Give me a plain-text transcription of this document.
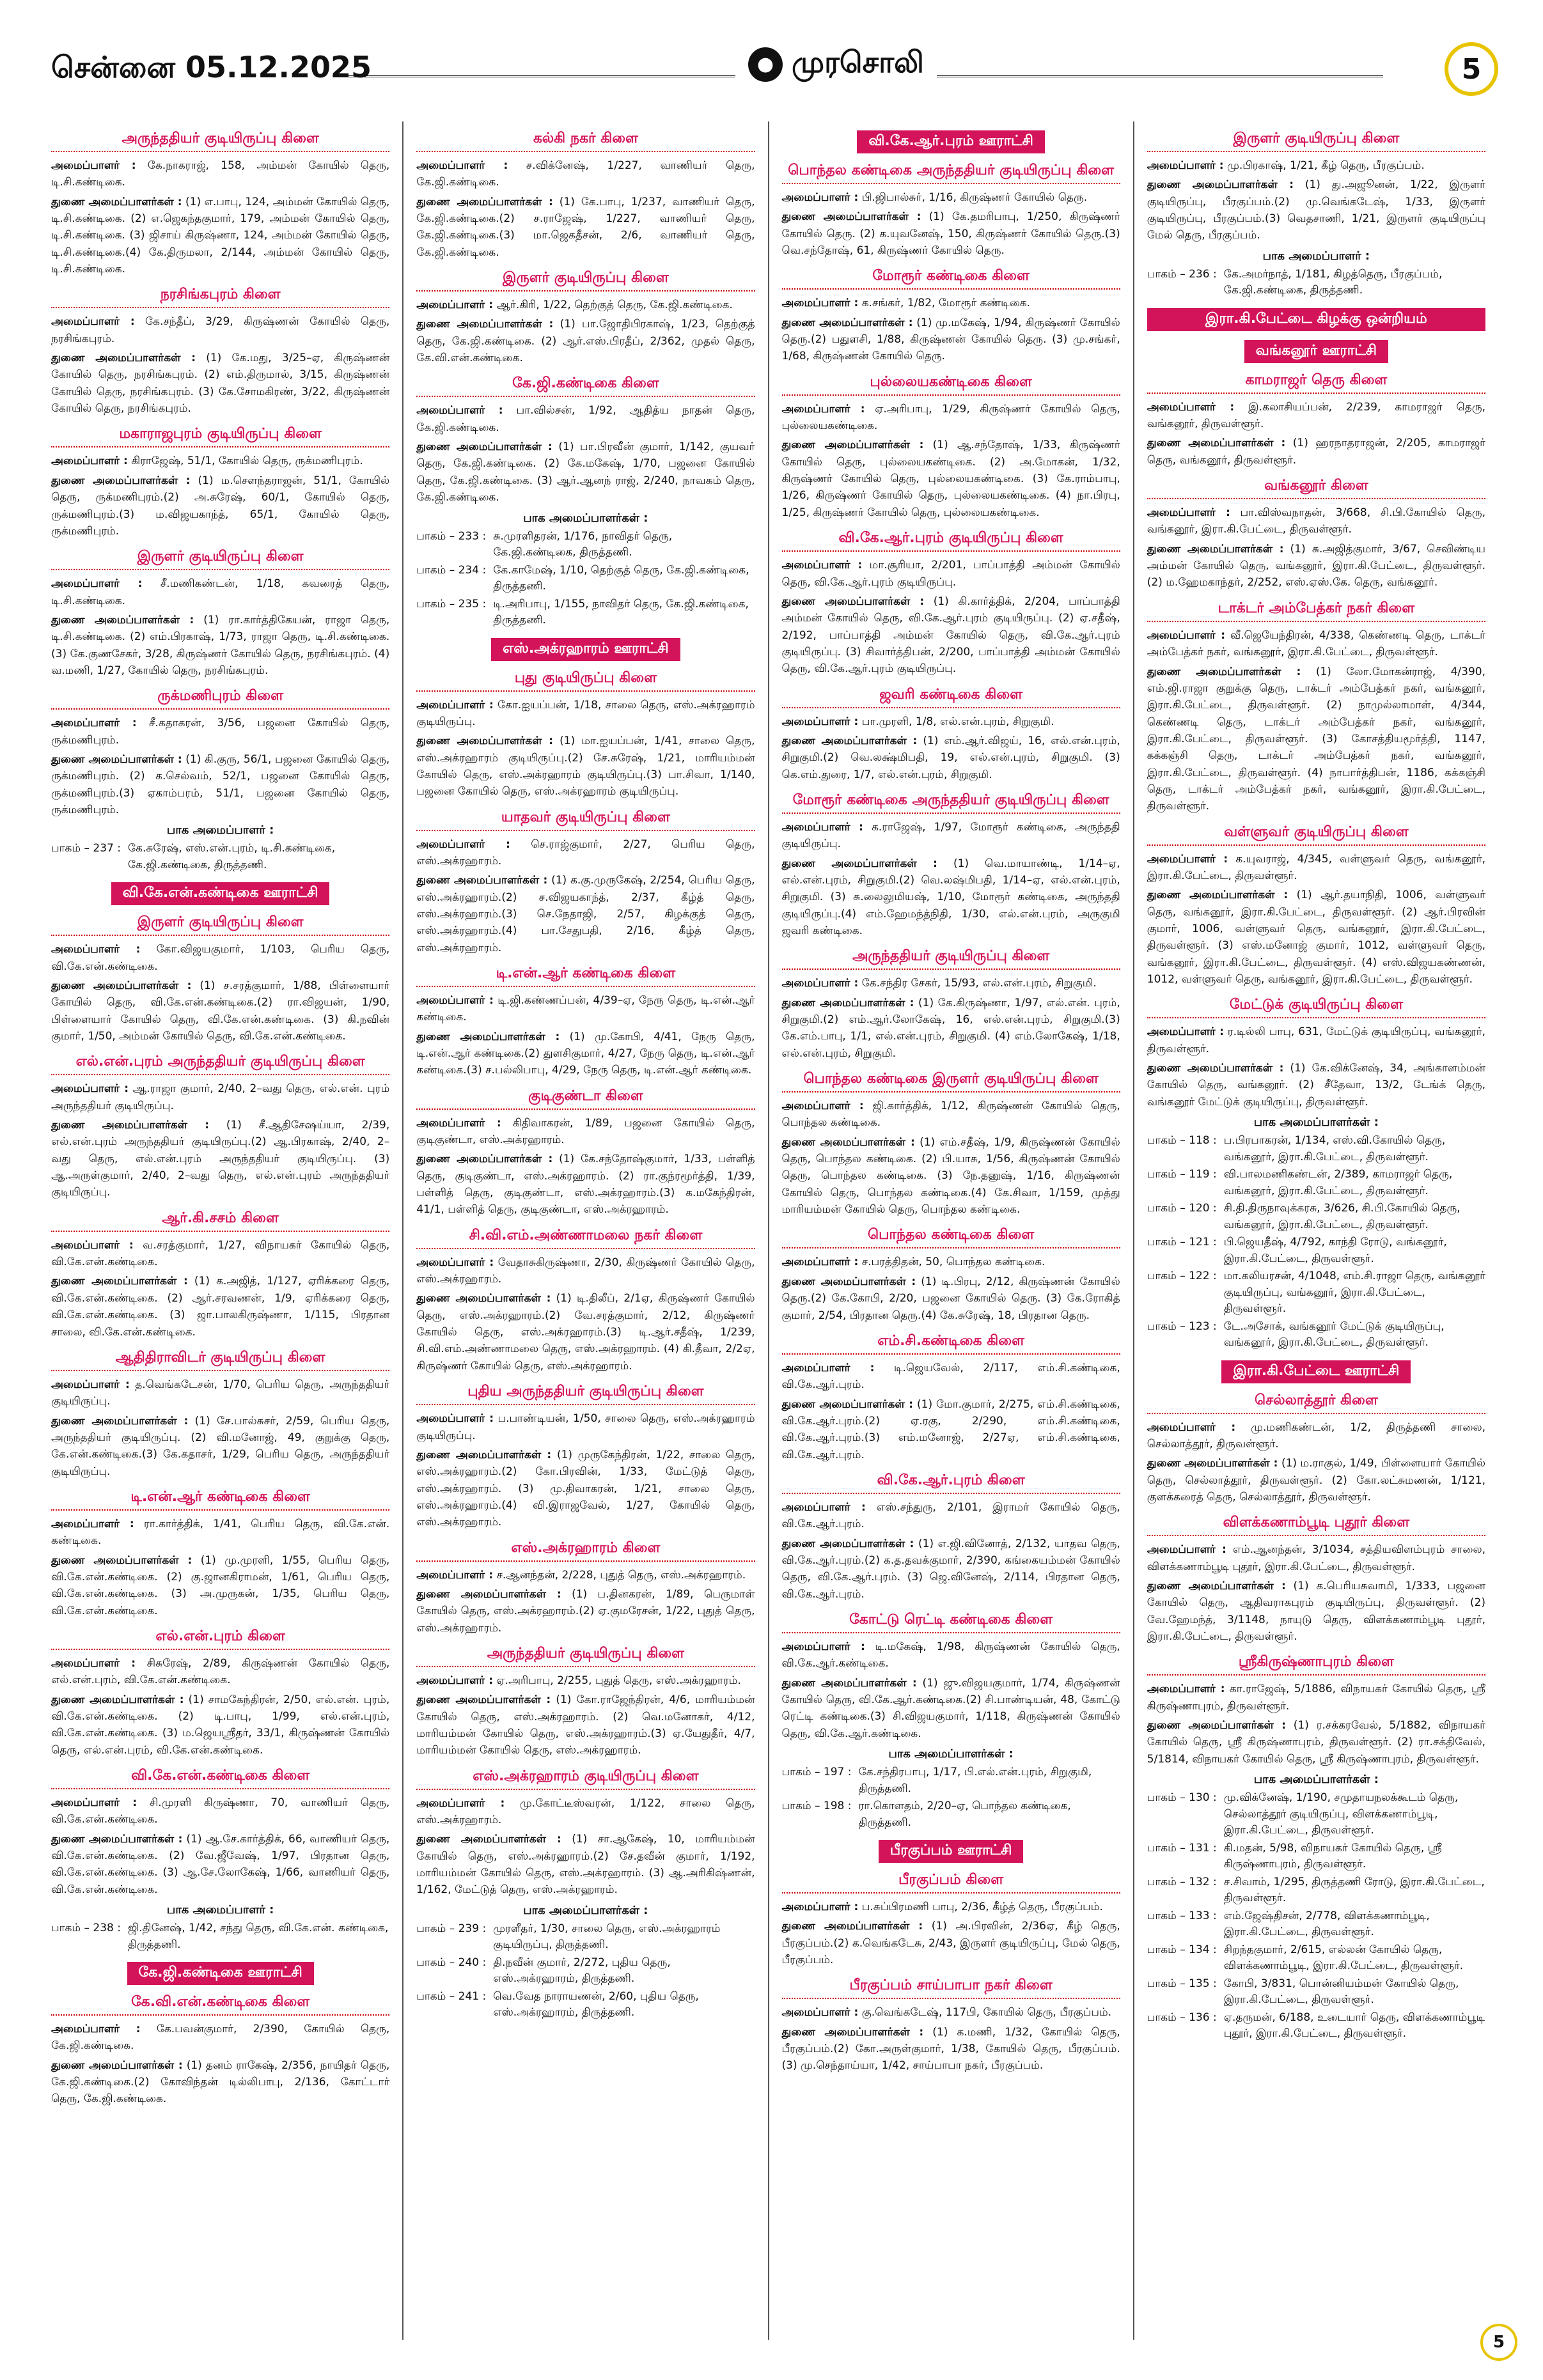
சென்னை 05.12.2025	● முரசொலி	5
அருந்ததியர் குடியிருப்பு கிளை
அமைப்பாளர் : கே.நாகராஜ், 158, அம்மன் கோயில் தெரு, டி.சி.கண்டிகை.
துணை அமைப்பாளர்கள் : (1) எ.பாபு, 124, அம்மன் கோயில் தெரு, டி.சி.கண்டிகை. (2) எ.ஜெகந்தகுமார், 179, அம்மன் கோயில் தெரு, டி.சி.கண்டிகை. (3) ஜிசாய் கிருஷ்ணா, 124, அம்மன் கோயில் தெரு, டி.சி.கண்டிகை.(4) கே.திருமலா, 2/144, அம்மன் கோயில் தெரு, டி.சி.கண்டிகை.
நரசிங்கபுரம் கிளை
அமைப்பாளர் : கே.சந்தீப், 3/29, கிருஷ்ணன் கோயில் தெரு, நரசிங்கபுரம்.
துணை அமைப்பாளர்கள் : (1) கே.மது, 3/25–ஏ, கிருஷ்ணன் கோயில் தெரு, நரசிங்கபுரம். (2) எம்.திருமால், 3/15, கிருஷ்ணன் கோயில் தெரு, நரசிங்கபுரம். (3) கே.சோமகிரண், 3/22, கிருஷ்ணன் கோயில் தெரு, நரசிங்கபுரம்.
மகாராஜபுரம் குடியிருப்பு கிளை
அமைப்பாளர் : கிராஜேஷ், 51/1, கோயில் தெரு, ருக்மணிபுரம்.
துணை அமைப்பாளர்கள் : (1) ம.சௌந்தராஜன், 51/1, கோயில் தெரு, ருக்மணிபுரம்.(2) அ.சுரேஷ், 60/1, கோயில் தெரு, ருக்மணிபுரம்.(3) ம.விஜயகாந்த், 65/1, கோயில் தெரு, ருக்மணிபுரம்.
இருளர் குடியிருப்பு கிளை
அமைப்பாளர் : சீ.மணிகண்டன், 1/18, கவரைத் தெரு, டி.சி.கண்டிகை.
துணை அமைப்பாளர்கள் : (1) ரா.கார்த்திகேயன், ராஜா தெரு, டி.சி.கண்டிகை. (2) எம்.பிரகாஷ், 1/73, ராஜா தெரு, டி.சி.கண்டிகை.(3) கே.குணசேகர், 3/28, கிருஷ்ணர் கோயில் தெரு, நரசிங்கபுரம். (4) வ.மணி, 1/27, கோயில் தெரு, நரசிங்கபுரம்.
ருக்மணிபுரம் கிளை
அமைப்பாளர் : சீ.கதாகரன், 3/56, பஜனை கோயில் தெரு, ருக்மணிபுரம்.
துணை அமைப்பாளர்கள் : (1) கி.குரு, 56/1, பஜனை கோயில் தெரு, ருக்மணிபுரம். (2) க.செல்வம், 52/1, பஜனை கோயில் தெரு, ருக்மணிபுரம்.(3) ஏகாம்பரம், 51/1, பஜனை கோயில் தெரு, ருக்மணிபுரம்.
பாக அமைப்பாளர் :
பாகம் – 237 : கே.சுரேஷ், எஸ்.என்.புரம், டி.சி.கண்டிகை, கே.ஜி.கண்டிகை, திருத்தணி.
வி.கே.என்.கண்டிகை ஊராட்சி
இருளர் குடியிருப்பு கிளை
அமைப்பாளர் : கோ.விஜயகுமார், 1/103, பெரிய தெரு, வி.கே.என்.கண்டிகை.
துணை அமைப்பாளர்கள் : (1) ச.சரத்குமார், 1/88, பிள்ளையார் கோயில் தெரு, வி.கே.என்.கண்டிகை.(2) ரா.விஜயன், 1/90, பிள்ளையார் கோயில் தெரு, வி.கே.என்.கண்டிகை. (3) கி.நவின் குமார், 1/50, அம்மன் கோயில் தெரு, வி.கே.என்.கண்டிகை.
எல்.என்.புரம் அருந்ததியர் குடியிருப்பு கிளை
அமைப்பாளர் : ஆ.ராஜா குமார், 2/40, 2–வது தெரு, எல்.என். புரம் அருந்ததியர் குடியிருப்பு.
துணை அமைப்பாளர்கள் : (1) சீ.ஆதிசேஷய்யா, 2/39, எல்.என்.புரம் அருந்ததியர் குடியிருப்பு.(2) ஆ.பிரகாஷ், 2/40, 2–வது தெரு, எல்.என்.புரம் அருந்ததியர் குடியிருப்பு. (3) ஆ.அருள்குமார், 2/40, 2–வது தெரு, எல்.என்.புரம் அருந்ததியர் குடியிருப்பு.
ஆர்.கி.சசம் கிளை
அமைப்பாளர் : வ.சரத்குமார், 1/27, விநாயகர் கோயில் தெரு, வி.கே.என்.கண்டிகை.
துணை அமைப்பாளர்கள் : (1) க.அஜித், 1/127, ஏரிக்கரை தெரு, வி.கே.என்.கண்டிகை. (2) ஆர்.சரவணன், 1/9, ஏரிக்கரை தெரு, வி.கே.என்.கண்டிகை. (3) ஜா.பாலகிருஷ்ணா, 1/115, பிரதான சாலை, வி.கே.என்.கண்டிகை.
ஆதிதிராவிடர் குடியிருப்பு கிளை
அமைப்பாளர் : த.வெங்கடேசன், 1/70, பெரிய தெரு, அருந்ததியர் குடியிருப்பு.
துணை அமைப்பாளர்கள் : (1) சே.பால்சுசர், 2/59, பெரிய தெரு, அருந்ததியர் குடியிருப்பு. (2) வி.மனோஜ், 49, குறுக்கு தெரு, கே.என்.கண்டிகை.(3) கே.கதாசர், 1/29, பெரிய தெரு, அருந்ததியர் குடியிருப்பு.
டி.என்.ஆர் கண்டிகை கிளை
அமைப்பாளர் : ரா.கார்த்திக், 1/41, பெரிய தெரு, வி.கே.என். கண்டிகை.
துணை அமைப்பாளர்கள் : (1) மு.முரளி, 1/55, பெரிய தெரு, வி.கே.என்.கண்டிகை. (2) கு.ஜானகிராமன், 1/61, பெரிய தெரு, வி.கே.என்.கண்டிகை. (3) அ.முருகன், 1/35, பெரிய தெரு, வி.கே.என்.கண்டிகை.
எல்.என்.புரம் கிளை
அமைப்பாளர் : சிசுரேஷ், 2/89, கிருஷ்ணன் கோயில் தெரு, எல்.என்.புரம், வி.கே.என்.கண்டிகை.
துணை அமைப்பாளர்கள் : (1) சாமகேந்திரன், 2/50, எல்.என். புரம், வி.கே.என்.கண்டிகை. (2) டி.பாபு, 1/99, எல்.என்.புரம், வி.கே.என்.கண்டிகை. (3) ம.ஜெயஸ்ரீதர், 33/1, கிருஷ்ணன் கோயில் தெரு, எல்.என்.புரம், வி.கே.என்.கண்டிகை.
வி.கே.என்.கண்டிகை கிளை
அமைப்பாளர் : சி.முரளி கிருஷ்ணா, 70, வாணியர் தெரு, வி.கே.என்.கண்டிகை.
துணை அமைப்பாளர்கள் : (1) ஆ.சே.கார்த்திக், 66, வாணியர் தெரு, வி.கே.என்.கண்டிகை. (2) வே.ஜீவேஷ், 1/97, பிரதான தெரு, வி.கே.என்.கண்டிகை. (3) ஆ.சே.லோகேஷ், 1/66, வாணியர் தெரு, வி.கே.என்.கண்டிகை.
பாக அமைப்பாளர் :
பாகம் – 238 : ஜி.தினேஷ், 1/42, சந்து தெரு, வி.கே.என். கண்டிகை, திருத்தணி.
கே.ஜி.கண்டிகை ஊராட்சி
கே.வி.என்.கண்டிகை கிளை
அமைப்பாளர் : கே.பவன்குமார், 2/390, கோயில் தெரு, கே.ஜி.கண்டிகை.
துணை அமைப்பாளர்கள் : (1) தனம் ராகேஷ், 2/356, நாயிதர் தெரு, கே.ஜி.கண்டிகை.(2) கோவிந்தன் டில்லிபாபு, 2/136, கோட்டார் தெரு, கே.ஜி.கண்டிகை.
கல்கி நகர் கிளை
அமைப்பாளர் : ச.விக்னேஷ், 1/227, வாணியர் தெரு, கே.ஜி.கண்டிகை.
துணை அமைப்பாளர்கள் : (1) கே.பாபு, 1/237, வாணியர் தெரு, கே.ஜி.கண்டிகை.(2) ச.ராஜேஷ், 1/227, வாணியர் தெரு, கே.ஜி.கண்டிகை.(3) மா.ஜெகதீசன், 2/6, வாணியர் தெரு, கே.ஜி.கண்டிகை.
இருளர் குடியிருப்பு கிளை
அமைப்பாளர் : ஆர்.கிரி, 1/22, தெற்குத் தெரு, கே.ஜி.கண்டிகை.
துணை அமைப்பாளர்கள் : (1) பா.ஜோதிபிரகாஷ், 1/23, தெற்குத் தெரு, கே.ஜி.கண்டிகை. (2) ஆர்.எஸ்.பிரதீப், 2/362, முதல் தெரு, கே.வி.என்.கண்டிகை.
கே.ஜி.கண்டிகை கிளை
அமைப்பாளர் : பா.வில்சன், 1/92, ஆதித்ய நாதன் தெரு, கே.ஜி.கண்டிகை.
துணை அமைப்பாளர்கள் : (1) பா.பிரவீன் குமார், 1/142, குயவர் தெரு, கே.ஜி.கண்டிகை. (2) கே.மகேஷ், 1/70, பஜனை கோயில் தெரு, கே.ஜி.கண்டிகை. (3) ஆர்.ஆனந் ராஜ், 2/240, நாவகம் தெரு, கே.ஜி.கண்டிகை.
பாக அமைப்பாளர்கள் :
பாகம் – 233 : சு.முரளிதரன், 1/176, நாவிதர் தெரு, கே.ஜி.கண்டிகை, திருத்தணி.
பாகம் – 234 : கே.காமேஷ், 1/10, தெற்குத் தெரு, கே.ஜி.கண்டிகை, திருத்தணி.
பாகம் – 235 : டி.அரிபாபு, 1/155, நாவிதர் தெரு, கே.ஜி.கண்டிகை, திருத்தணி.
எஸ்.அக்ரஹாரம் ஊராட்சி
புது குடியிருப்பு கிளை
அமைப்பாளர் : கோ.ஐயப்பன், 1/18, சாலை தெரு, எஸ்.அக்ரஹாரம் குடியிருப்பு.
துணை அமைப்பாளர்கள் : (1) மா.ஐயப்பன், 1/41, சாலை தெரு, எஸ்.அக்ரஹாரம் குடியிருப்பு.(2) சே.சுரேஷ், 1/21, மாரியம்மன் கோயில் தெரு, எஸ்.அக்ரஹாரம் குடியிருப்பு.(3) பா.சிவா, 1/140, பஜனை கோயில் தெரு, எஸ்.அக்ரஹாரம் குடியிருப்பு.
யாதவர் குடியிருப்பு கிளை
அமைப்பாளர் : செ.ராஜ்குமார், 2/27, பெரிய தெரு, எஸ்.அக்ரஹாரம்.
துணை அமைப்பாளர்கள் : (1) க.கு.முருகேஷ், 2/254, பெரிய தெரு, எஸ்.அக்ரஹாரம்.(2) ச.விஜயகாந்த், 2/37, கீழ்த் தெரு, எஸ்.அக்ரஹாரம்.(3) செ.நேதாஜி, 2/57, கிழக்குத் தெரு, எஸ்.அக்ரஹாரம்.(4) பா.சேதுபதி, 2/16, கீழ்த் தெரு, எஸ்.அக்ரஹாரம்.
டி.என்.ஆர் கண்டிகை கிளை
அமைப்பாளர் : டி.ஜி.கண்ணப்பன், 4/39–ஏ, நேரு தெரு, டி.என்.ஆர் கண்டிகை.
துணை அமைப்பாளர்கள் : (1) மு.கோபி, 4/41, நேரு தெரு, டி.என்.ஆர் கண்டிகை.(2) துளசிகுமார், 4/27, நேரு தெரு, டி.என்.ஆர் கண்டிகை.(3) ச.பல்லிபாபு, 4/29, நேரு தெரு, டி.என்.ஆர் கண்டிகை.
குடிகுண்டா கிளை
அமைப்பாளர் : கிதிவாகரன், 1/89, பஜனை கோயில் தெரு, குடிகுண்டா, எஸ்.அக்ரஹாரம்.
துணை அமைப்பாளர்கள் : (1) கே.சந்தோஷ்குமார், 1/33, பள்ளித் தெரு, குடிகுண்டா, எஸ்.அக்ரஹாரம். (2) ரா.குந்ரமூர்த்தி, 1/39, பள்ளித் தெரு, குடிகுண்டா, எஸ்.அக்ரஹாரம்.(3) க.மகேந்திரன், 41/1, பள்ளித் தெரு, குடிகுண்டா, எஸ்.அக்ரஹாரம்.
சி.வி.எம்.அண்ணாமலை நகர் கிளை
அமைப்பாளர் : வேதாசுகிருஷ்ணா, 2/30, கிருஷ்ணர் கோயில் தெரு, எஸ்.அக்ரஹாரம்.
துணை அமைப்பாளர்கள் : (1) டி.திலீப், 2/1ஏ, கிருஷ்ணர் கோயில் தெரு, எஸ்.அக்ரஹாரம்.(2) வே.சரத்குமார், 2/12, கிருஷ்ணர் கோயில் தெரு, எஸ்.அக்ரஹாரம்.(3) டி.ஆர்.சதீஷ், 1/239, சி.வி.எம்.அண்ணாமலை தெரு, எஸ்.அக்ரஹாரம். (4) கி.தீவா, 2/2ஏ, கிருஷ்ணர் கோயில் தெரு, எஸ்.அக்ரஹாரம்.
புதிய அருந்ததியர் குடியிருப்பு கிளை
அமைப்பாளர் : ப.பாண்டியன், 1/50, சாலை தெரு, எஸ்.அக்ரஹாரம் குடியிருப்பு.
துணை அமைப்பாளர்கள் : (1) முருகேந்திரன், 1/22, சாலை தெரு, எஸ்.அக்ரஹாரம்.(2) கோ.பிரவின், 1/33, மேட்டுத் தெரு, எஸ்.அக்ரஹாரம். (3) மு.திவாகரன், 1/21, சாலை தெரு, எஸ்.அக்ரஹாரம்.(4) வி.இராஜவேல், 1/27, கோயில் தெரு, எஸ்.அக்ரஹாரம்.
எஸ்.அக்ரஹாரம் கிளை
அமைப்பாளர் : ச.ஆனந்தன், 2/228, புதுத் தெரு, எஸ்.அக்ரஹாரம்.
துணை அமைப்பாளர்கள் : (1) ப.தினகரன், 1/89, பெருமாள் கோயில் தெரு, எஸ்.அக்ரஹாரம்.(2) ஏ.குமரேசன், 1/22, புதுத் தெரு, எஸ்.அக்ரஹாரம்.
அருந்ததியர் குடியிருப்பு கிளை
அமைப்பாளர் : ஏ.அரிபாபு, 2/255, புதுத் தெரு, எஸ்.அக்ரஹாரம்.
துணை அமைப்பாளர்கள் : (1) கோ.ராஜேந்திரன், 4/6, மாரியம்மன் கோயில் தெரு, எஸ்.அக்ரஹாரம். (2) வெ.மனோகர், 4/12, மாரியம்மன் கோயில் தெரு, எஸ்.அக்ரஹாரம்.(3) ஏ.யேதுதீர், 4/7, மாரியம்மன் கோயில் தெரு, எஸ்.அக்ரஹாரம்.
எஸ்.அக்ரஹாரம் குடியிருப்பு கிளை
அமைப்பாளர் : மு.கோட்டீஸ்வரன், 1/122, சாலை தெரு, எஸ்.அக்ரஹாரம்.
துணை அமைப்பாளர்கள் : (1) சா.ஆகேஷ், 10, மாரியம்மன் கோயில் தெரு, எஸ்.அக்ரஹாரம்.(2) சே.தவீன் குமார், 1/192, மாரியம்மன் கோயில் தெரு, எஸ்.அக்ரஹாரம். (3) ஆ.அரிகிஷ்ணன், 1/162, மேட்டுத் தெரு, எஸ்.அக்ரஹாரம்.
பாக அமைப்பாளர்கள் :
பாகம் – 239 : முரளீதர், 1/30, சாலை தெரு, எஸ்.அக்ரஹாரம் குடியிருப்பு, திருத்தணி.
பாகம் – 240 : தி.நவீன் குமார், 2/272, புதிய தெரு, எஸ்.அக்ரஹாரம், திருத்தணி.
பாகம் – 241 : வெ.வேத நாராயணன், 2/60, புதிய தெரு, எஸ்.அக்ரஹாரம், திருத்தணி.
வி.கே.ஆர்.புரம் ஊராட்சி
பொந்தல கண்டிகை அருந்ததியர் குடியிருப்பு கிளை
அமைப்பாளர் : பி.ஜிபால்சுர், 1/16, கிருஷ்ணர் கோயில் தெரு.
துணை அமைப்பாளர்கள் : (1) கே.தமரிபாபு, 1/250, கிருஷ்ணர் கோயில் தெரு. (2) க.யுவனேஷ், 150, கிருஷ்ணர் கோயில் தெரு.(3) வெ.சந்தோஷ், 61, கிருஷ்ணர் கோயில் தெரு.
மோரூர் கண்டிகை கிளை
அமைப்பாளர் : க.சங்கர், 1/82, மோரூர் கண்டிகை.
துணை அமைப்பாளர்கள் : (1) மு.மகேஷ், 1/94, கிருஷ்ணர் கோயில் தெரு.(2) பதுளசி, 1/88, கிருஷ்ணன் கோயில் தெரு. (3) மு.சங்கர், 1/68, கிருஷ்ணன் கோயில் தெரு.
புல்லையகண்டிகை கிளை
அமைப்பாளர் : ஏ.அரிபாபு, 1/29, கிருஷ்ணர் கோயில் தெரு, புல்லையகண்டிகை.
துணை அமைப்பாளர்கள் : (1) ஆ.சந்தோஷ், 1/33, கிருஷ்ணர் கோயில் தெரு, புல்லையகண்டிகை. (2) அ.மோகன், 1/32, கிருஷ்ணர் கோயில் தெரு, புல்லையகண்டிகை. (3) கே.ராம்பாபு, 1/26, கிருஷ்ணர் கோயில் தெரு, புல்லையகண்டிகை. (4) நா.பிரபு, 1/25, கிருஷ்ணர் கோயில் தெரு, புல்லையகண்டிகை.
வி.கே.ஆர்.புரம் குடியிருப்பு கிளை
அமைப்பாளர் : மா.சூரியா, 2/201, பாப்பாத்தி அம்மன் கோயில் தெரு, வி.கே.ஆர்.புரம் குடியிருப்பு.
துணை அமைப்பாளர்கள் : (1) கி.கார்த்திக், 2/204, பாப்பாத்தி அம்மன் கோயில் தெரு, வி.கே.ஆர்.புரம் குடியிருப்பு. (2) ஏ.சதீஷ், 2/192, பாப்பாத்தி அம்மன் கோயில் தெரு, வி.கே.ஆர்.புரம் குடியிருப்பு. (3) சிவார்த்திபன், 2/200, பாப்பாத்தி அம்மன் கோயில் தெரு, வி.கே.ஆர்.புரம் குடியிருப்பு.
ஜவரி கண்டிகை கிளை
அமைப்பாளர் : பா.முரளி, 1/8, எல்.என்.புரம், சிறுகுமி.
துணை அமைப்பாளர்கள் : (1) எம்.ஆர்.விஜய், 16, எல்.என்.புரம், சிறுகுமி.(2) வெ.லக்ஷ்மிபதி, 19, எல்.என்.புரம், சிறுகுமி. (3) கெ.எம்.துரை, 1/7, எல்.என்.புரம், சிறுகுமி.
மோரூர் கண்டிகை அருந்ததியர் குடியிருப்பு கிளை
அமைப்பாளர் : க.ராஜேஷ், 1/97, மோரூர் கண்டிகை, அருந்ததி குடியிருப்பு.
துணை அமைப்பாளர்கள் : (1) வெ.மாயாண்டி, 1/14–ஏ, எல்.என்.புரம், சிறுகுமி.(2) வெ.லஷ்மிபதி, 1/14–ஏ, எல்.என்.புரம், சிறுகுமி. (3) சு.லைலுமியஷ், 1/10, மோரூர் கண்டிகை, அருந்ததி குடியிருப்பு.(4) எம்.ஹேமந்த்நிதி, 1/30, எல்.என்.புரம், அருகுமி ஜவரி கண்டிகை.
அருந்ததியர் குடியிருப்பு கிளை
அமைப்பாளர் : கே.சந்திர சேகர், 15/93, எல்.என்.புரம், சிறுகுமி.
துணை அமைப்பாளர்கள் : (1) கே.கிருஷ்ணா, 1/97, எல்.என். புரம், சிறுகுமி.(2) எம்.ஆர்.லோகேஷ், 16, எல்.என்.புரம், சிறுகுமி.(3) கே.எம்.பாபு, 1/1, எல்.என்.புரம், சிறுகுமி. (4) எம்.லோகேஷ், 1/18, எல்.என்.புரம், சிறுகுமி.
பொந்தல கண்டிகை இருளர் குடியிருப்பு கிளை
அமைப்பாளர் : ஜி.கார்த்திக், 1/12, கிருஷ்ணன் கோயில் தெரு, பொந்தல கண்டிகை.
துணை அமைப்பாளர்கள் : (1) எம்.சதீஷ், 1/9, கிருஷ்ணன் கோயில் தெரு, பொந்தல கண்டிகை. (2) பி.யாசு, 1/56, கிருஷ்ணன் கோயில் தெரு, பொந்தல கண்டிகை. (3) நே.தனுஷ், 1/16, கிருஷ்ணன் கோயில் தெரு, பொந்தல கண்டிகை.(4) கே.சிவா, 1/159, முத்து மாரியம்மன் கோயில் தெரு, பொந்தல கண்டிகை.
பொந்தல கண்டிகை கிளை
அமைப்பாளர் : ச.பரத்திதன், 50, பொந்தல கண்டிகை.
துணை அமைப்பாளர்கள் : (1) டி.பிரபு, 2/12, கிருஷ்ணன் கோயில் தெரு.(2) கே.கோபி, 2/20, பஜனை கோயில் தெரு. (3) கே.ரோகித் குமார், 2/54, பிரதான தெரு.(4) கே.சுரேஷ், 18, பிரதான தெரு.
எம்.சி.கண்டிகை கிளை
அமைப்பாளர் : டி.ஜெயவேல், 2/117, எம்.சி.கண்டிகை, வி.கே.ஆர்.புரம்.
துணை அமைப்பாளர்கள் : (1) மோ.குமார், 2/275, எம்.சி.கண்டிகை, வி.கே.ஆர்.புரம்.(2) ஏ.ரகு, 2/290, எம்.சி.கண்டிகை, வி.கே.ஆர்.புரம்.(3) எம்.மனோஜ், 2/27ஏ, எம்.சி.கண்டிகை, வி.கே.ஆர்.புரம்.
வி.கே.ஆர்.புரம் கிளை
அமைப்பாளர் : எஸ்.சந்துரு, 2/101, இராமர் கோயில் தெரு, வி.கே.ஆர்.புரம்.
துணை அமைப்பாளர்கள் : (1) எ.ஜி.வினோத், 2/132, யாதவ தெரு, வி.கே.ஆர்.புரம்.(2) க.த.தவக்குமார், 2/390, கங்கையம்மன் கோயில் தெரு, வி.கே.ஆர்.புரம். (3) ஜெ.வினேஷ், 2/114, பிரதான தெரு, வி.கே.ஆர்.புரம்.
கோட்டு ரெட்டி கண்டிகை கிளை
அமைப்பாளர் : டி.மகேஷ், 1/98, கிருஷ்ணன் கோயில் தெரு, வி.கே.ஆர்.கண்டிகை.
துணை அமைப்பாளர்கள் : (1) ஜு.விஜயகுமார், 1/74, கிருஷ்ணன் கோயில் தெரு, வி.கே.ஆர்.கண்டிகை.(2) சி.பாண்டியன், 48, கோட்டு ரெட்டி கண்டிகை.(3) சி.விஜயகுமார், 1/118, கிருஷ்ணன் கோயில் தெரு, வி.கே.ஆர்.கண்டிகை.
பாக அமைப்பாளர்கள் :
பாகம் – 197 : கே.சந்திரபாபு, 1/17, பி.எல்.என்.புரம், சிறுகுமி, திருத்தணி.
பாகம் – 198 : ரா.கொளதம், 2/20–ஏ, பொந்தல கண்டிகை, திருத்தணி.
பீரகுப்பம் ஊராட்சி
பீரகுப்பம் கிளை
அமைப்பாளர் : ப.சுப்பிரமணி பாபு, 2/36, கீழ்த் தெரு, பீரகுப்பம்.
துணை அமைப்பாளர்கள் : (1) அ.பிரவின், 2/36ஏ, கீழ் தெரு, பீரகுப்பம்.(2) க.வெங்கடேசு, 2/43, இருளர் குடியிருப்பு, மேல் தெரு, பீரகுப்பம்.
பீரகுப்பம் சாய்பாபா நகர் கிளை
அமைப்பாளர் : கு.வெங்கடேஷ், 117பி, கோயில் தெரு, பீரகுப்பம்.
துணை அமைப்பாளர்கள் : (1) க.மணி, 1/32, கோயில் தெரு, பீரகுப்பம்.(2) கோ.அருள்குமார், 1/38, கோயில் தெரு, பீரகுப்பம். (3) மு.செந்தாய்யா, 1/42, சாய்பாபா நகர், பீரகுப்பம்.
இருளர் குடியிருப்பு கிளை
அமைப்பாளர் : மு.பிரகாஷ், 1/21, கீழ் தெரு, பீரகுப்பம்.
துணை அமைப்பாளர்கள் : (1) து.அஜூனன், 1/22, இருளர் குடியிருப்பு, பீரகுப்பம்.(2) மு.வெங்கடேஷ், 1/33, இருளர் குடியிருப்பு, பீரகுப்பம்.(3) வெதசாணி, 1/21, இருளர் குடியிருப்பு மேல் தெரு, பீரகுப்பம்.
பாக அமைப்பாளர் :
பாகம் – 236 : கே.அமர்நாத், 1/181, கிழத்தெரு, பீரகுப்பம், கே.ஜி.கண்டிகை, திருத்தணி.
இரா.கி.பேட்டை கிழக்கு ஒன்றியம்
வங்கனூர் ஊராட்சி
காமராஜர் தெரு கிளை
அமைப்பாளர் : இ.கலாசியப்பன், 2/239, காமராஜர் தெரு, வங்கனூர், திருவள்ளூர்.
துணை அமைப்பாளர்கள் : (1) ஹரநாதராஜன், 2/205, காமராஜர் தெரு, வங்கனூர், திருவள்ளூர்.
வங்கனூர் கிளை
அமைப்பாளர் : பா.விஸ்வநாதன், 3/668, சி.பி.கோயில் தெரு, வங்கனூர், இரா.கி.பேட்டை, திருவள்ளூர்.
துணை அமைப்பாளர்கள் : (1) சு.அஜித்குமார், 3/67, செவிண்டிய அம்மன் கோயில் தெரு, வங்கனூர், இரா.கி.பேட்டை, திருவள்ளூர். (2) ம.ஹேமகாந்தர், 2/252, எஸ்.ஏஸ்.கே. தெரு, வங்கனூர்.
டாக்டர் அம்பேத்கர் நகர் கிளை
அமைப்பாளர் : வீ.ஜெயேந்திரன், 4/338, கெண்ணடி தெரு, டாக்டர் அம்பேத்கர் நகர், வங்கனூர், இரா.கி.பேட்டை, திருவள்ளூர்.
துணை அமைப்பாளர்கள் : (1) லோ.மோகன்ராஜ், 4/390, எம்.ஜி.ராஜா குறுக்கு தெரு, டாக்டர் அம்பேத்கர் நகர், வங்கனூர், இரா.கி.பேட்டை, திருவள்ளூர். (2) நாமுல்லாமாள், 4/344, கெண்ணடி தெரு, டாக்டர் அம்பேத்கர் நகர், வங்கனூர், இரா.கி.பேட்டை, திருவள்ளூர். (3) கோசத்தியமூர்த்தி, 1147, கக்கஞ்சி தெரு, டாக்டர் அம்பேத்கர் நகர், வங்கனூர், இரா.கி.பேட்டை, திருவள்ளூர். (4) நாபார்த்திபன், 1186, கக்கஞ்சி தெரு, டாக்டர் அம்பேத்கர் நகர், வங்கனூர், இரா.கி.பேட்டை, திருவள்ளூர்.
வள்ளுவர் குடியிருப்பு கிளை
அமைப்பாளர் : க.யுவராஜ், 4/345, வள்ளுவர் தெரு, வங்கனூர், இரா.கி.பேட்டை, திருவள்ளூர்.
துணை அமைப்பாளர்கள் : (1) ஆர்.தயாநிதி, 1006, வள்ளுவர் தெரு, வங்கனூர், இரா.கி.பேட்டை, திருவள்ளூர். (2) ஆர்.பிரவின் குமார், 1006, வள்ளுவர் தெரு, வங்கனூர், இரா.கி.பேட்டை, திருவள்ளூர். (3) எஸ்.மனோஜ் குமார், 1012, வள்ளுவர் தெரு, வங்கனூர், இரா.கி.பேட்டை, திருவள்ளூர். (4) எஸ்.விஜயகண்ணன், 1012, வள்ளுவர் தெரு, வங்கனூர், இரா.கி.பேட்டை, திருவள்ளூர்.
மேட்டுக் குடியிருப்பு கிளை
அமைப்பாளர் : ர.டில்லி பாபு, 631, மேட்டுக் குடியிருப்பு, வங்கனூர், திருவள்ளூர்.
துணை அமைப்பாளர்கள் : (1) கே.விக்னேஷ், 34, அங்காளம்மன் கோயில் தெரு, வங்கனூர். (2) சீதேவா, 13/2, டேங்க் தெரு, வங்கனூர் மேட்டுக் குடியிருப்பு, திருவள்ளூர்.
பாக அமைப்பாளர்கள் :
பாகம் – 118 : ப.பிரபாகரன், 1/134, எஸ்.வி.கோயில் தெரு, வங்கனூர், இரா.கி.பேட்டை, திருவள்ளூர்.
பாகம் – 119 : வி.பாலமணிகண்டன், 2/389, காமராஜர் தெரு, வங்கனூர், இரா.கி.பேட்டை, திருவள்ளூர்.
பாகம் – 120 : சி.தி.திருநாவுக்கரசு, 3/626, சி.பி.கோயில் தெரு, வங்கனூர், இரா.கி.பேட்டை, திருவள்ளூர்.
பாகம் – 121 : பி.ஜெயதீஷ், 4/792, காந்தி ரோடு, வங்கனூர், இரா.கி.பேட்டை, திருவள்ளூர்.
பாகம் – 122 : மா.கலியரசன், 4/1048, எம்.சி.ராஜா தெரு, வங்கனூர் குடியிருப்பு, வங்கனூர், இரா.கி.பேட்டை, திருவள்ளூர்.
பாகம் – 123 : டே.அசோக், வங்கனூர் மேட்டுக் குடியிருப்பு, வங்கனூர், இரா.கி.பேட்டை, திருவள்ளூர்.
இரா.கி.பேட்டை ஊராட்சி
செல்லாத்தூர் கிளை
அமைப்பாளர் : மு.மணிகண்டன், 1/2, திருத்தணி சாலை, செல்லாத்தூர், திருவள்ளூர்.
துணை அமைப்பாளர்கள் : (1) ம.ராகுல், 1/49, பிள்ளையார் கோயில் தெரு, செல்லாத்தூர், திருவள்ளூர். (2) கோ.லட்சுமணன், 1/121, குளக்கரைத் தெரு, செல்லாத்தூர், திருவள்ளூர்.
விளக்கணாம்பூடி புதூர் கிளை
அமைப்பாளர் : எம்.ஆனந்தன், 3/1034, சத்தியவிளம்புரம் சாலை, விளக்கணாம்பூடி புதூர், இரா.கி.பேட்டை, திருவள்ளூர்.
துணை அமைப்பாளர்கள் : (1) க.பெரியசுவாமி, 1/333, பஜனை கோயில் தெரு, ஆதிவராகபுரம் குடியிருப்பு, திருவள்ளூர். (2) வே.ஹேமந்த், 3/1148, நாயுடு தெரு, விளக்கணாம்பூடி புதூர், இரா.கி.பேட்டை, திருவள்ளூர்.
ஸ்ரீகிருஷ்ணாபுரம் கிளை
அமைப்பாளர் : கா.ராஜேஷ், 5/1886, விநாயகர் கோயில் தெரு, ஸ்ரீ கிருஷ்ணாபுரம், திருவள்ளூர்.
துணை அமைப்பாளர்கள் : (1) ர.சக்கரவேல், 5/1882, விநாயகர் கோயில் தெரு, ஸ்ரீ கிருஷ்ணாபுரம், திருவள்ளூர். (2) ரா.சக்திவேல், 5/1814, விநாயகர் கோயில் தெரு, ஸ்ரீ கிருஷ்ணாபுரம், திருவள்ளூர்.
பாக அமைப்பாளர்கள் :
பாகம் – 130 : மு.விக்னேஷ், 1/190, சமுதாயநலக்கூடம் தெரு, செல்லாத்தூர் குடியிருப்பு, விளக்கணாம்பூடி, இரா.கி.பேட்டை, திருவள்ளூர்.
பாகம் – 131 : கி.மதன், 5/98, விநாயகர் கோயில் தெரு, ஸ்ரீ கிருஷ்ணாபுரம், திருவள்ளூர்.
பாகம் – 132 : ச.சிவாம், 1/295, திருத்தணி ரோடு, இரா.கி.பேட்டை, திருவள்ளூர்.
பாகம் – 133 : எம்.ஜேஷ்திசன், 2/778, விளக்கணாம்பூடி, இரா.கி.பேட்டை, திருவள்ளூர்.
பாகம் – 134 : சிறந்தகுமார், 2/615, எல்லன் கோயில் தெரு, விளக்கணாம்பூடி, இரா.கி.பேட்டை, திருவள்ளூர்.
பாகம் – 135 : கோபி, 3/831, பொன்னியம்மன் கோயில் தெரு, இரா.கி.பேட்டை, திருவள்ளூர்.
பாகம் – 136 : ஏ.தருமன், 6/188, உடையார் தெரு, விளக்கணாம்பூடி புதூர், இரா.கி.பேட்டை, திருவள்ளூர்.
5
